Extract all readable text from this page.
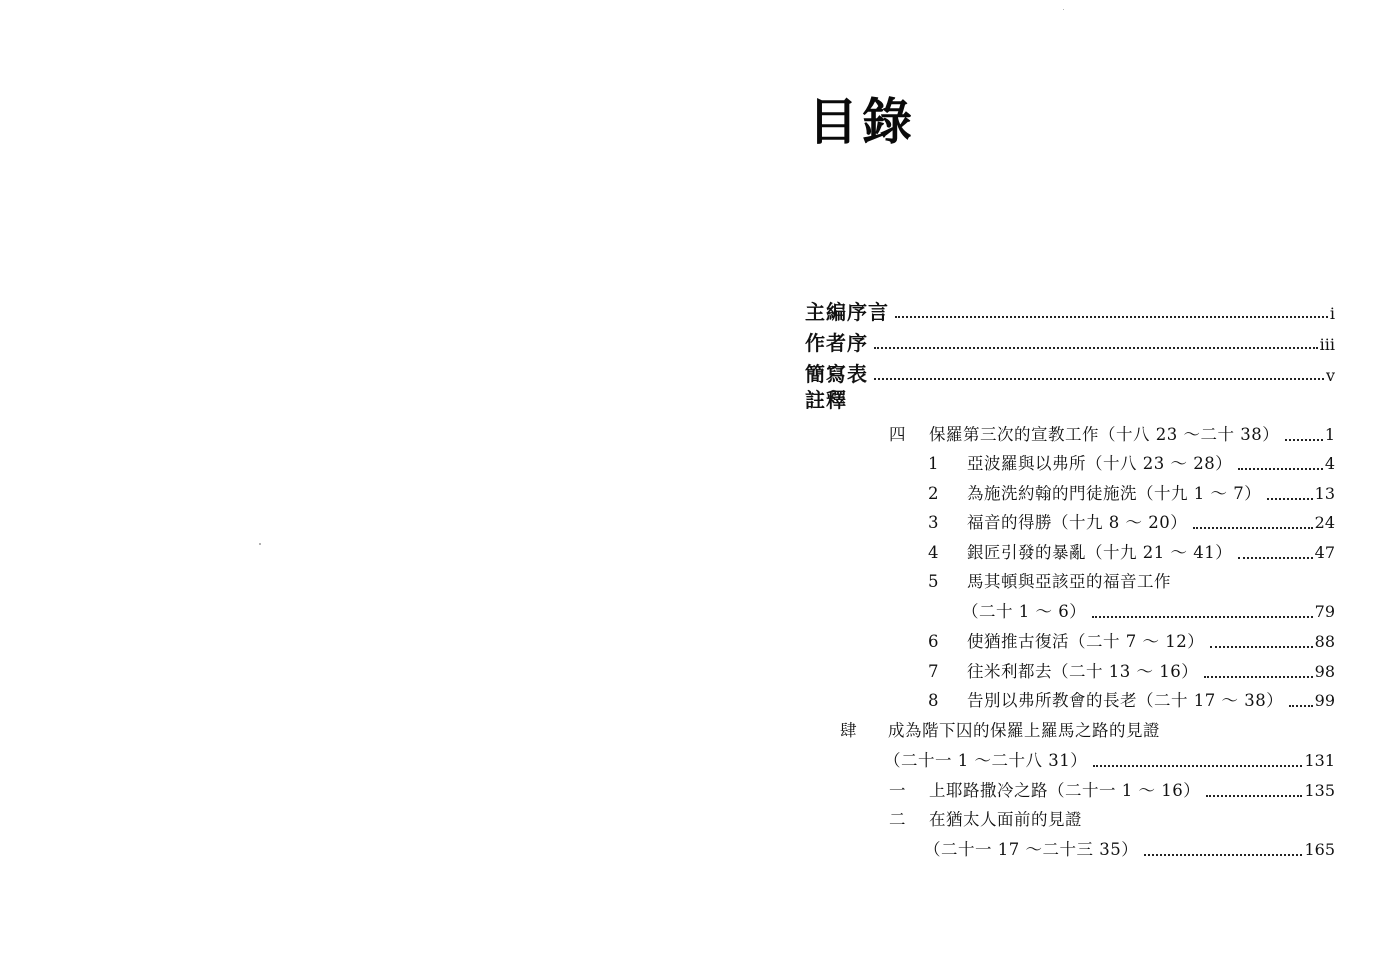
目錄
主編序言	i
作者序	iii
簡寫表	v
註釋
四	保羅第三次的宣教工作（十八 23 ～二十 38）	1
1	亞波羅與以弗所（十八 23 ～ 28）	4
2	為施洗約翰的門徒施洗（十九 1 ～ 7）	13
3	福音的得勝（十九 8 ～ 20）	24
4	銀匠引發的暴亂（十九 21 ～ 41）	47
5	馬其頓與亞該亞的福音工作
（二十 1 ～ 6）	79
6	使猶推古復活（二十 7 ～ 12）	88
7	往米利都去（二十 13 ～ 16）	98
8	告別以弗所教會的長老（二十 17 ～ 38） 99
肆	成為階下囚的保羅上羅馬之路的見證
（二十一 1 ～二十八 31）	131
一	上耶路撒冷之路（二十一 1 ～ 16）	135
二	在猶太人面前的見證
（二十一 17 ～二十三 35）	165
